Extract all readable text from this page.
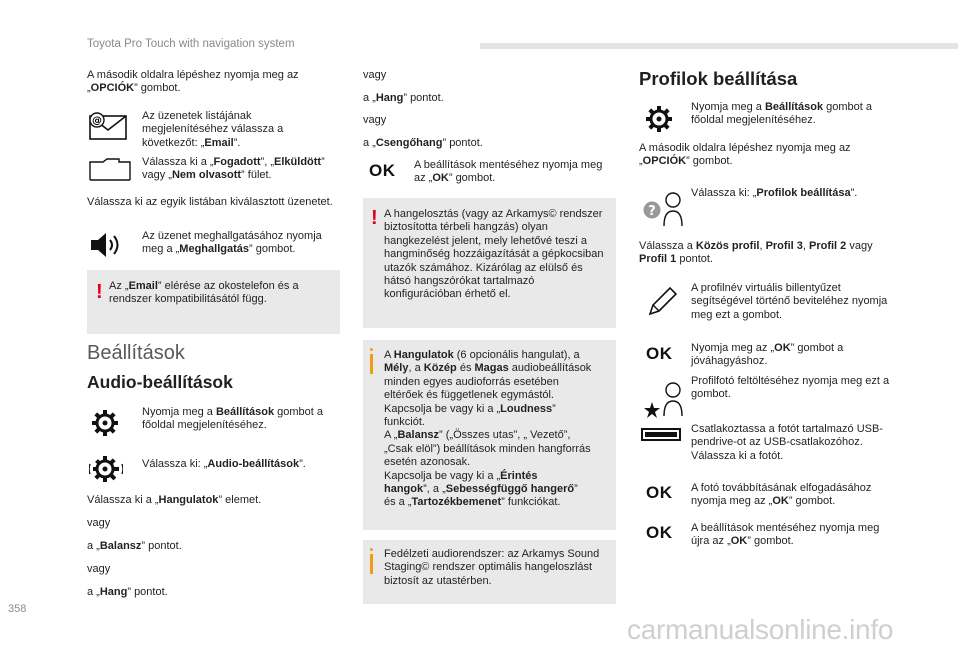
Toyota Pro Touch with navigation system
A második oldalra lépéshez nyomja meg az „OPCIÓK” gombot.
@	Az üzenetek listájának megjelenítéséhez válassza a következőt: „Email”.
Válassza ki a „Fogadott”, „Elküldött” vagy „Nem olvasott” fület.
Válassza ki az egyik listában kiválasztott üzenetet.
Az üzenet meghallgatásához nyomja meg a „Meghallgatás” gombot.
! Az „Email” elérése az okostelefon és a rendszer kompatibilitásától függ.
Beállítások
Audio-beállítások
Nyomja meg a Beállítások gombot a főoldal megjelenítéséhez.
Válassza ki: „Audio-beállítások”.
Válassza ki a „Hangulatok” elemet.
vagy
a „Balansz” pontot.
vagy
a „Hang” pontot.
vagy
a „Hang” pontot.
vagy
a „Csengőhang” pontot.
OK A beállítások mentéséhez nyomja meg az „OK” gombot.
! A hangelosztás (vagy az Arkamys© rendszer biztosította térbeli hangzás) olyan hangkezelést jelent, mely lehetővé teszi a hangminőség hozzáigazítását a gépkocsiban utazók számához. Kizárólag az elülső és hátsó hangszórókat tartalmazó konfigurációban érhető el.
A Hangulatok (6 opcionális hangulat), a
Mély, a Közép és Magas audiobeállítások
minden egyes audioforrás esetében
eltérőek és függetlenek egymástól.
Kapcsolja be vagy ki a „Loudness”
funkciót.
A „Balansz” („Összes utas”, „ Vezető”,
„Csak elöl”) beállítások minden hangforrás
esetén azonosak.
Kapcsolja be vagy ki a „Érintés
hangok”, a „Sebességfüggő hangerő”
és a „Tartozékbemenet” funkciókat.
Fedélzeti audiorendszer: az Arkamys Sound Staging© rendszer optimális hangeloszlást biztosít az utastérben.
Profilok beállítása
Nyomja meg a Beállítások gombot a főoldal megjelenítéséhez.
A második oldalra lépéshez nyomja meg az „OPCIÓK” gombot.
?
Válassza ki: „Profilok beállítása”.
Válassza a Közös profil, Profil 3, Profil 2 vagy Profil 1 pontot.
A profilnév virtuális billentyűzet segítségével történő beviteléhez nyomja meg ezt a gombot.
OK Nyomja meg az „OK” gombot a jóváhagyáshoz.
Profilfotó feltöltéséhez nyomja meg ezt a gombot.
Csatlakoztassa a fotót tartalmazó USB-pendrive-ot az USB-csatlakozóhoz. Válassza ki a fotót.
OK A fotó továbbításának elfogadásához nyomja meg az „OK” gombot.
OK A beállítások mentéséhez nyomja meg újra az „OK” gombot.
358
carmanualsonline.info
